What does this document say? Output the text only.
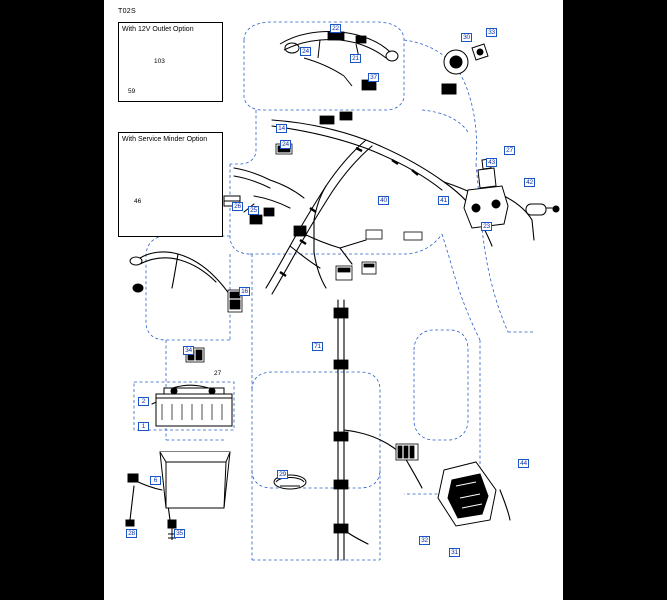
T02S
With 12V Outlet Option
With Service Minder Option
22
30
33
24
21
37
103
59
14
24
27
43
42
40	41
26
46
25
23
16
71
34
27
2
1
6
29
44
28	35
32
31
